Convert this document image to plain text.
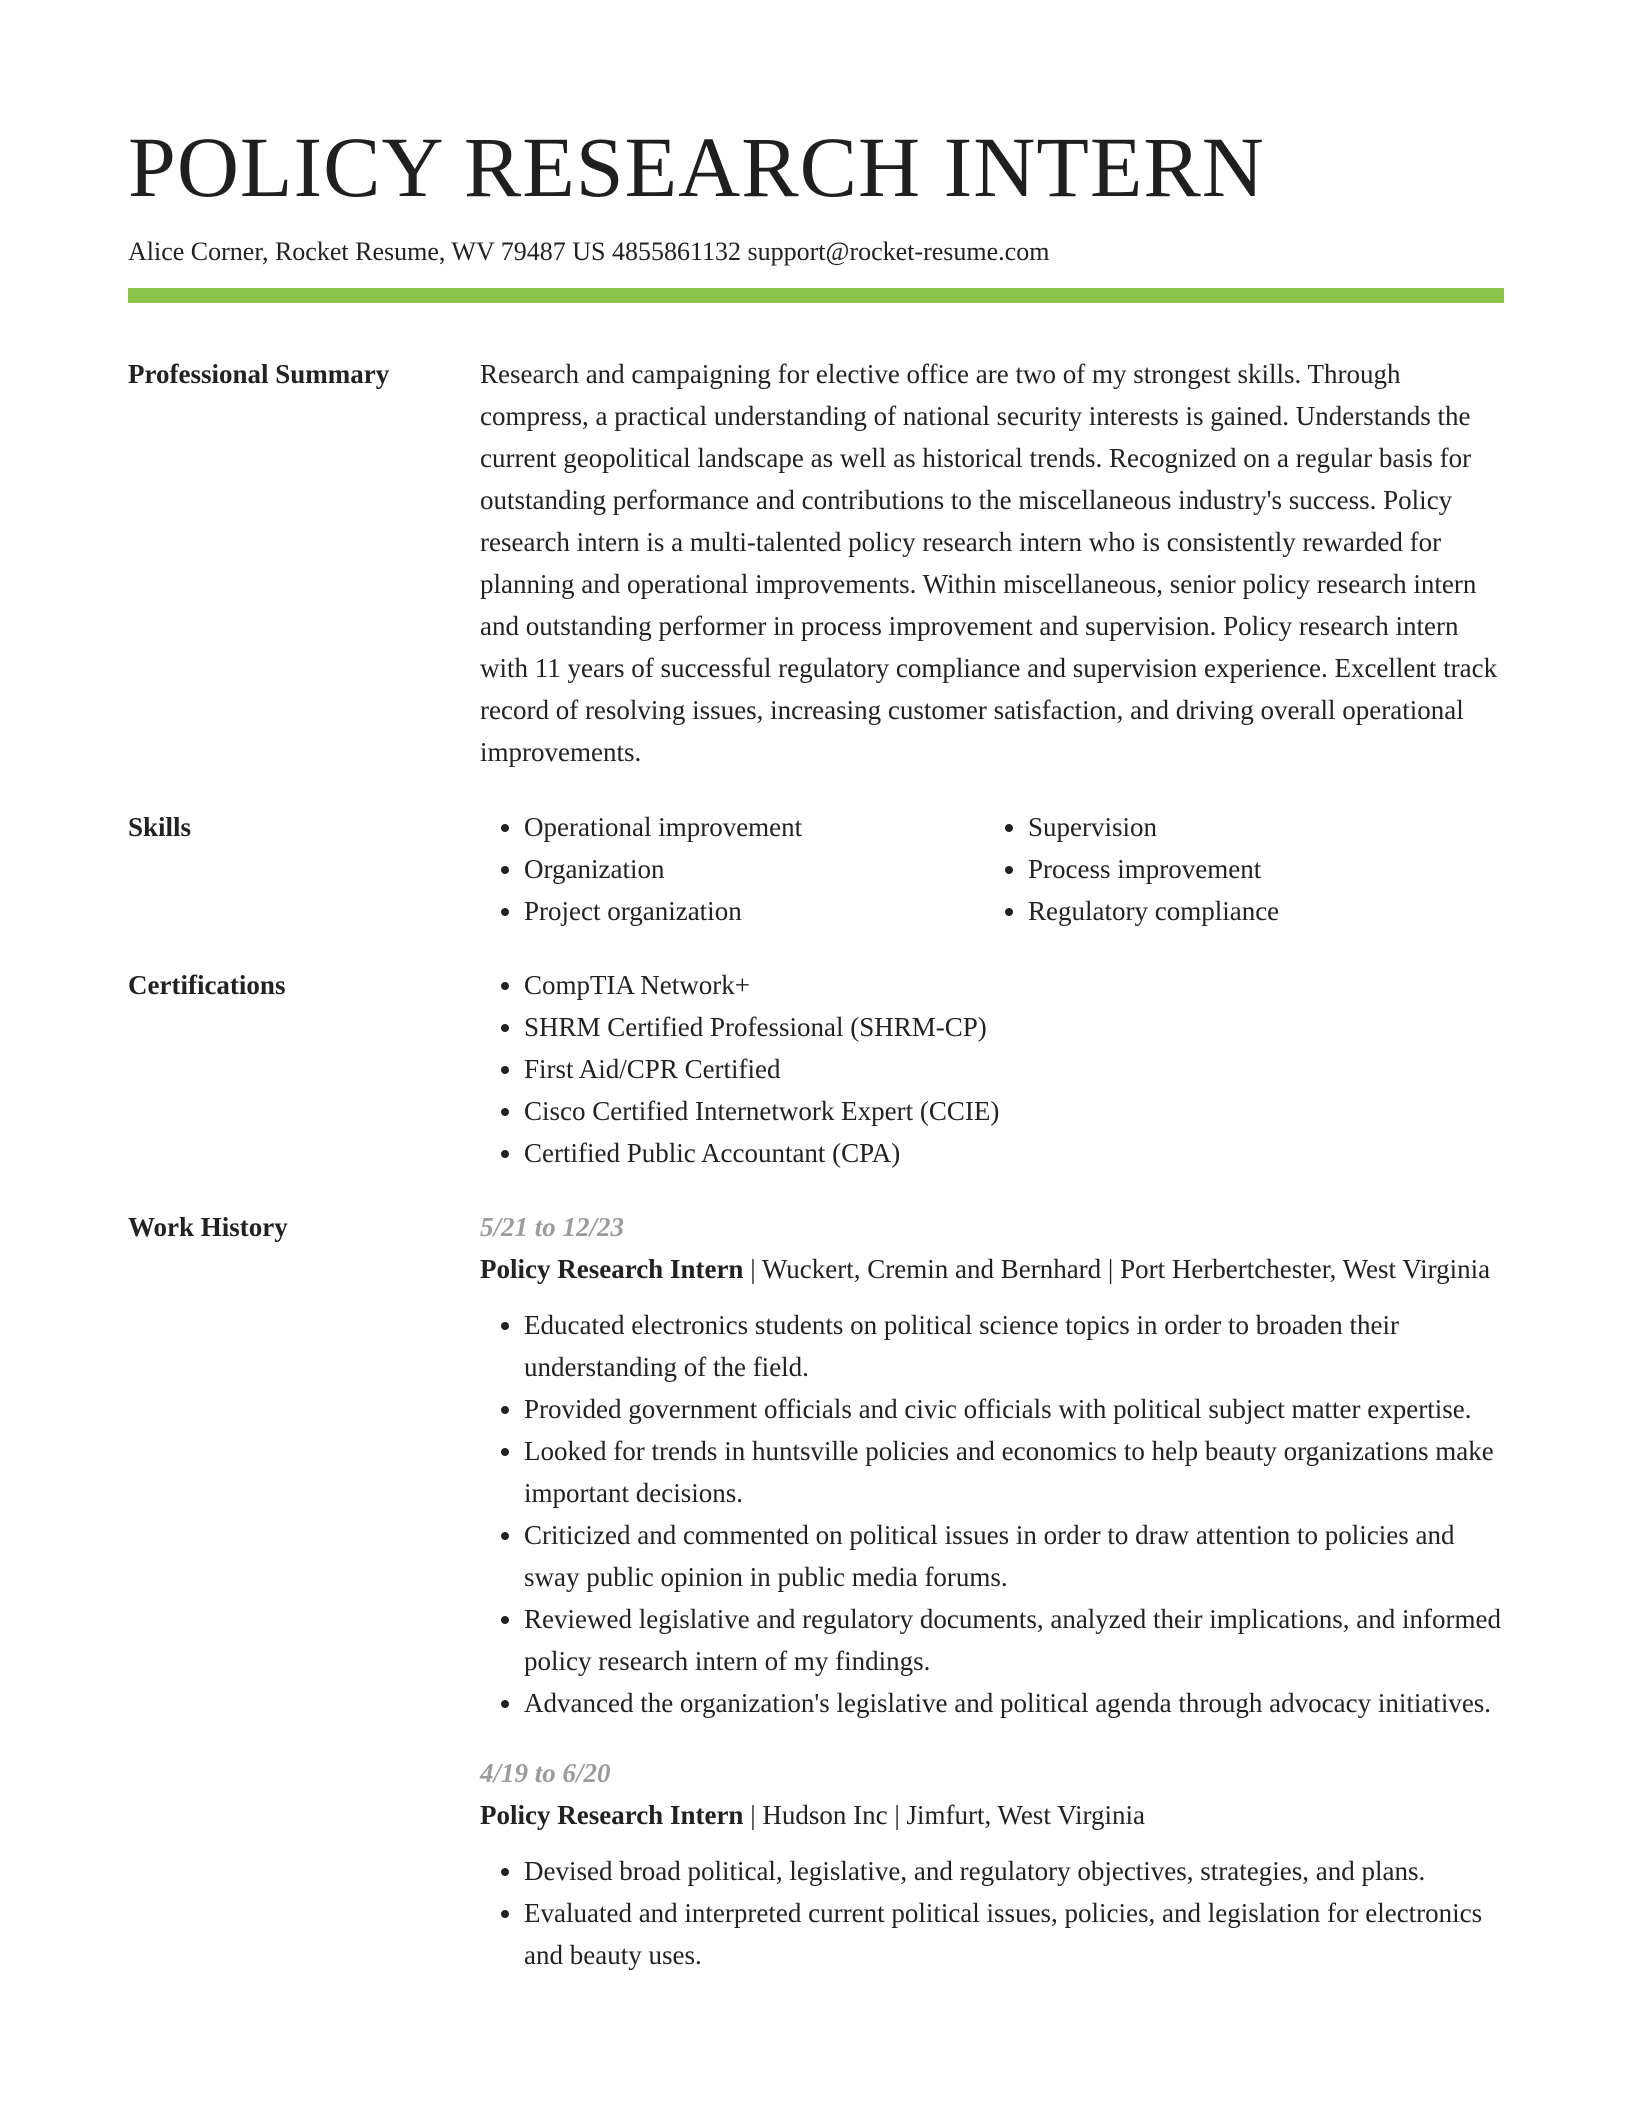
POLICY RESEARCH INTERN
Alice Corner, Rocket Resume, WV 79487 US 4855861132 support@rocket-resume.com
Professional Summary	Research and campaigning for elective office are two of my strongest skills. Through compress, a practical understanding of national security interests is gained. Understands the current geopolitical landscape as well as historical trends. Recognized on a regular basis for outstanding performance and contributions to the miscellaneous industry's success. Policy research intern is a multi-talented policy research intern who is consistently rewarded for planning and operational improvements. Within miscellaneous, senior policy research intern and outstanding performer in process improvement and supervision. Policy research intern with 11 years of successful regulatory compliance and supervision experience. Excellent track record of resolving issues, increasing customer satisfaction, and driving overall operational improvements.

Skills	• Operational improvement
• Organization
• Project organization
• Supervision
• Process improvement
• Regulatory compliance
Certifications	• CompTIA Network+
• SHRM Certified Professional (SHRM-CP)
• First Aid/CPR Certified
• Cisco Certified Internetwork Expert (CCIE)
• Certified Public Accountant (CPA)
Work History	5/21 to 12/23
Policy Research Intern | Wuckert, Cremin and Bernhard | Port Herbertchester, West Virginia
• Educated electronics students on political science topics in order to broaden their understanding of the field.
• Provided government officials and civic officials with political subject matter expertise.
• Looked for trends in huntsville policies and economics to help beauty organizations make important decisions.
• Criticized and commented on political issues in order to draw attention to policies and sway public opinion in public media forums.
• Reviewed legislative and regulatory documents, analyzed their implications, and informed policy research intern of my findings.
• Advanced the organization's legislative and political agenda through advocacy initiatives.
4/19 to 6/20
Policy Research Intern | Hudson Inc | Jimfurt, West Virginia
• Devised broad political, legislative, and regulatory objectives, strategies, and plans.
• Evaluated and interpreted current political issues, policies, and legislation for electronics and beauty uses.
